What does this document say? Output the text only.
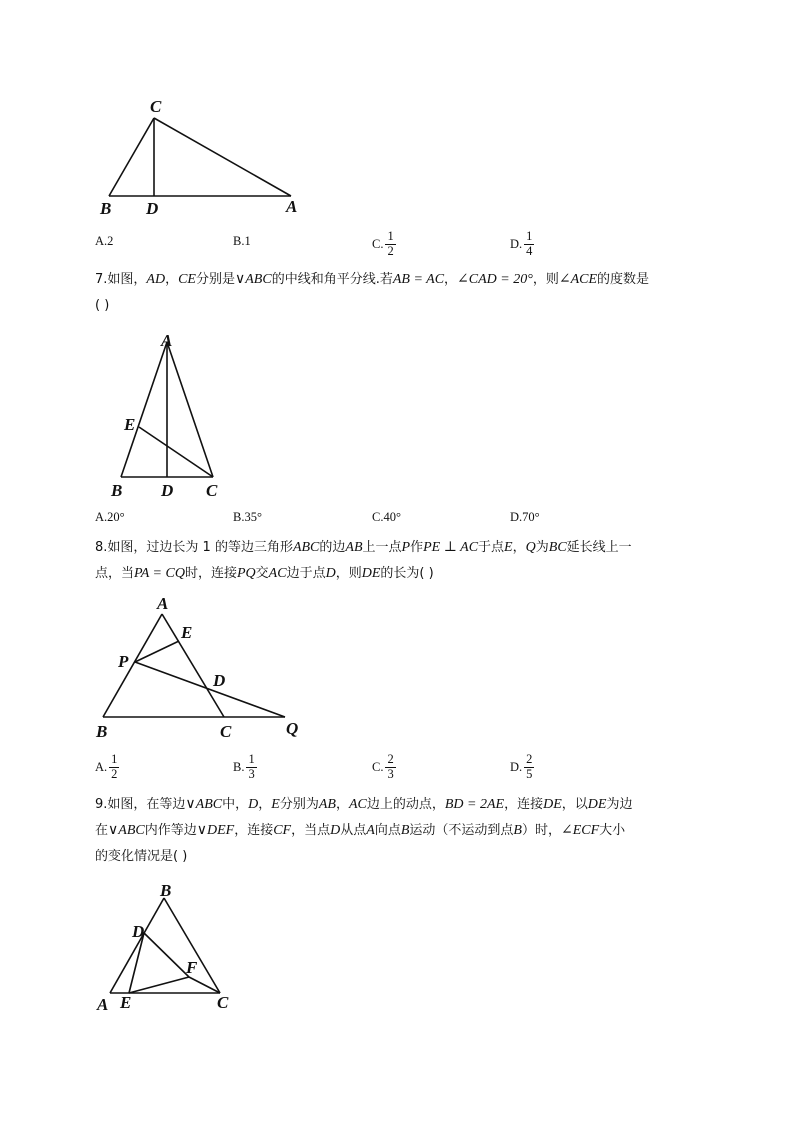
C
B D	A
A.2	B.1	C. $\frac{1}{2}$	D. $\frac{1}{4}$
7.如图，AD，CE分别是∨ABC的中线和角平分线.若AB = AC，∠CAD = 20°，则∠ACE的度数是
( )
A
E
B D C
A.20°	B.35°	C.40°	D.70°
8.如图，过边长为 1 的等边三角形ABC的边AB上一点P作PE ⊥ AC于点E，Q为BC延长线上一
点，当PA = CQ时，连接PQ交AC边于点D，则DE的长为( )
A
E
P
D
B	C	Q
A. $\frac{1}{2}$	B. $\frac{1}{3}$	C. $\frac{2}{3}$	D. $\frac{2}{5}$
9.如图，在等边∨ABC中，D，E分别为AB，AC边上的动点，BD = 2AE，连接DE，以DE为边
在∨ABC内作等边∨DEF，连接CF，当点D从点A向点B运动（不运动到点B）时，∠ECF大小
的变化情况是( )
B
D
F
A E	C
